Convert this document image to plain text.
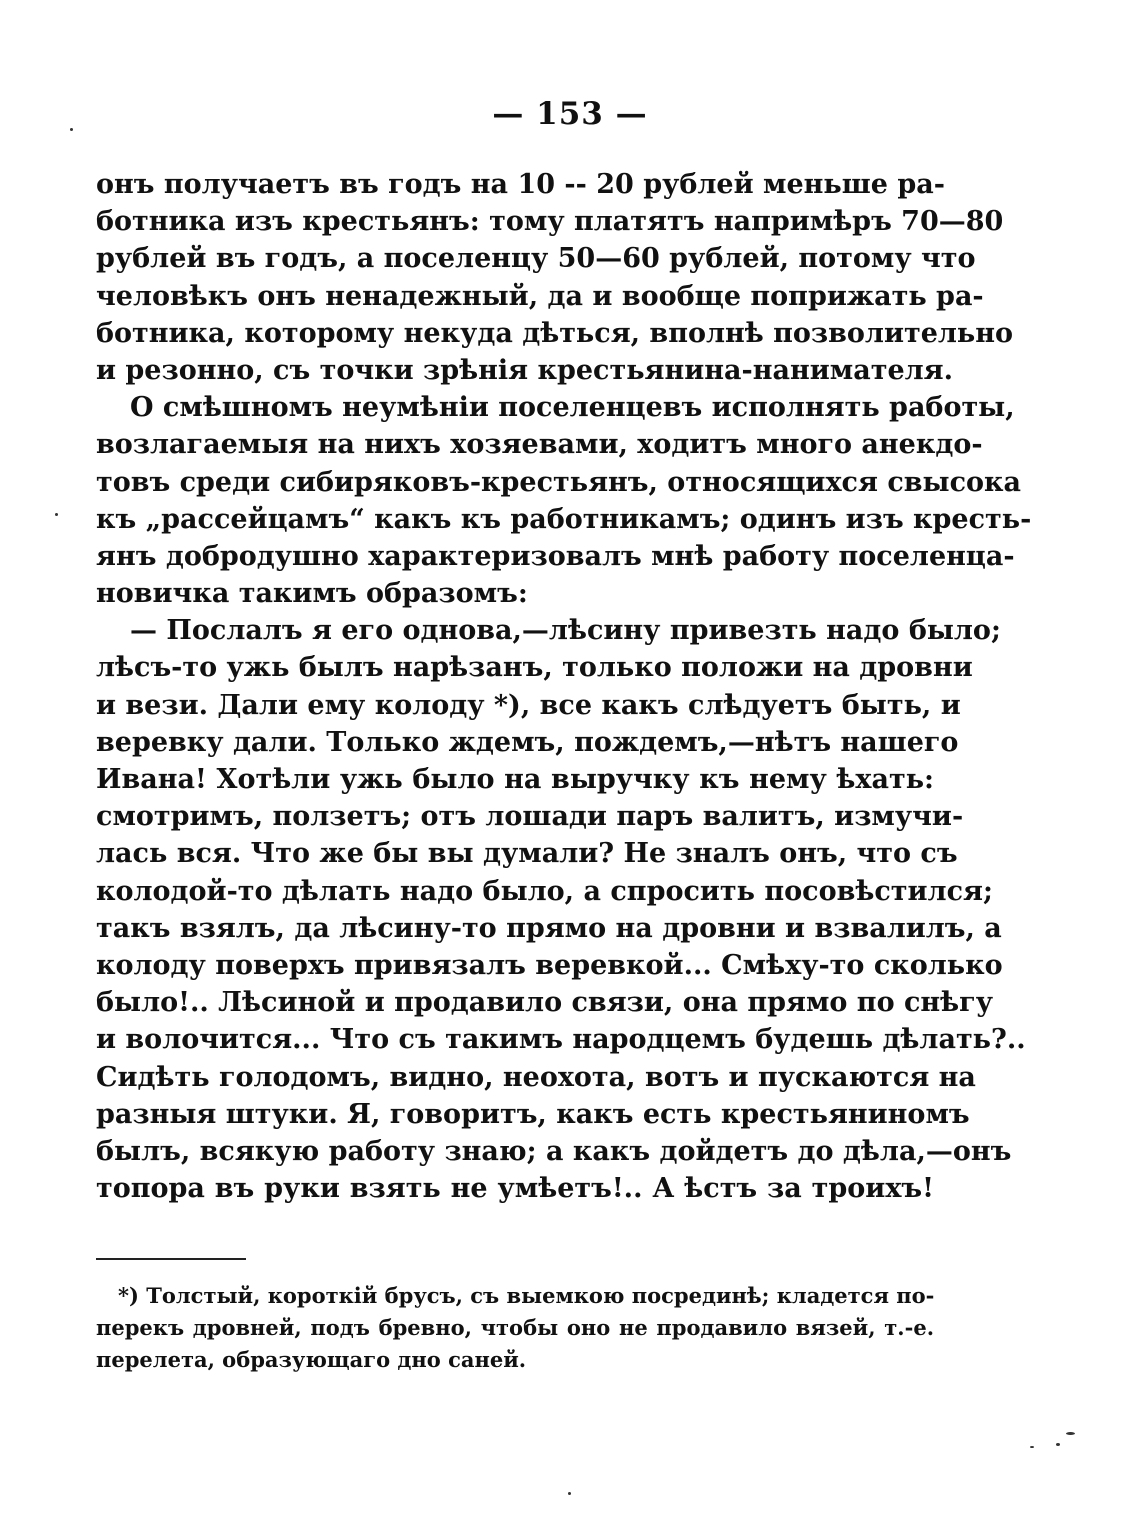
— 153 —
онъ получаетъ въ годъ на 10 -- 20 рублей меньше ра-
ботника изъ крестьянъ: тому платятъ напримѣръ 70—80
рублей въ годъ, а поселенцу 50—60 рублей, потому что
человѣкъ онъ ненадежный, да и вообще поприжать ра-
ботника, которому некуда дѣться, вполнѣ позволительно
и резонно, съ точки зрѣнія крестьянина-нанимателя.
О смѣшномъ неумѣніи поселенцевъ исполнять работы,
возлагаемыя на нихъ хозяевами, ходитъ много анекдо-
товъ среди сибиряковъ-крестьянъ, относящихся свысока
къ „рассейцамъ“ какъ къ работникамъ; одинъ изъ кресть-
янъ добродушно характеризовалъ мнѣ работу поселенца-
новичка такимъ образомъ:
— Послалъ я его однова,—лѣсину привезть надо было;
лѣсъ-то ужь былъ нарѣзанъ, только положи на дровни
и вези. Дали ему колоду *), все какъ слѣдуетъ быть, и
веревку дали. Только ждемъ, пождемъ,—нѣтъ нашего
Ивана! Хотѣли ужь было на выручку къ нему ѣхать:
смотримъ, ползетъ; отъ лошади паръ валитъ, измучи-
лась вся. Что же бы вы думали? Не зналъ онъ, что съ
колодой-то дѣлать надо было, а спросить посовѣстился;
такъ взялъ, да лѣсину-то прямо на дровни и взвалилъ, а
колоду поверхъ привязалъ веревкой... Смѣху-то сколько
было!.. Лѣсиной и продавило связи, она прямо по снѣгу
и волочится... Что съ такимъ народцемъ будешь дѣлать?..
Сидѣть голодомъ, видно, неохота, вотъ и пускаются на
разныя штуки. Я, говоритъ, какъ есть крестьяниномъ
былъ, всякую работу знаю; а какъ дойдетъ до дѣла,—онъ
топора въ руки взять не умѣетъ!.. А ѣстъ за троихъ!
*) Толстый, короткій брусъ, съ выемкою посрединѣ; кладется по-
перекъ дровней, подъ бревно, чтобы оно не продавило вязей, т.-е.
перелета, образующаго дно саней.
